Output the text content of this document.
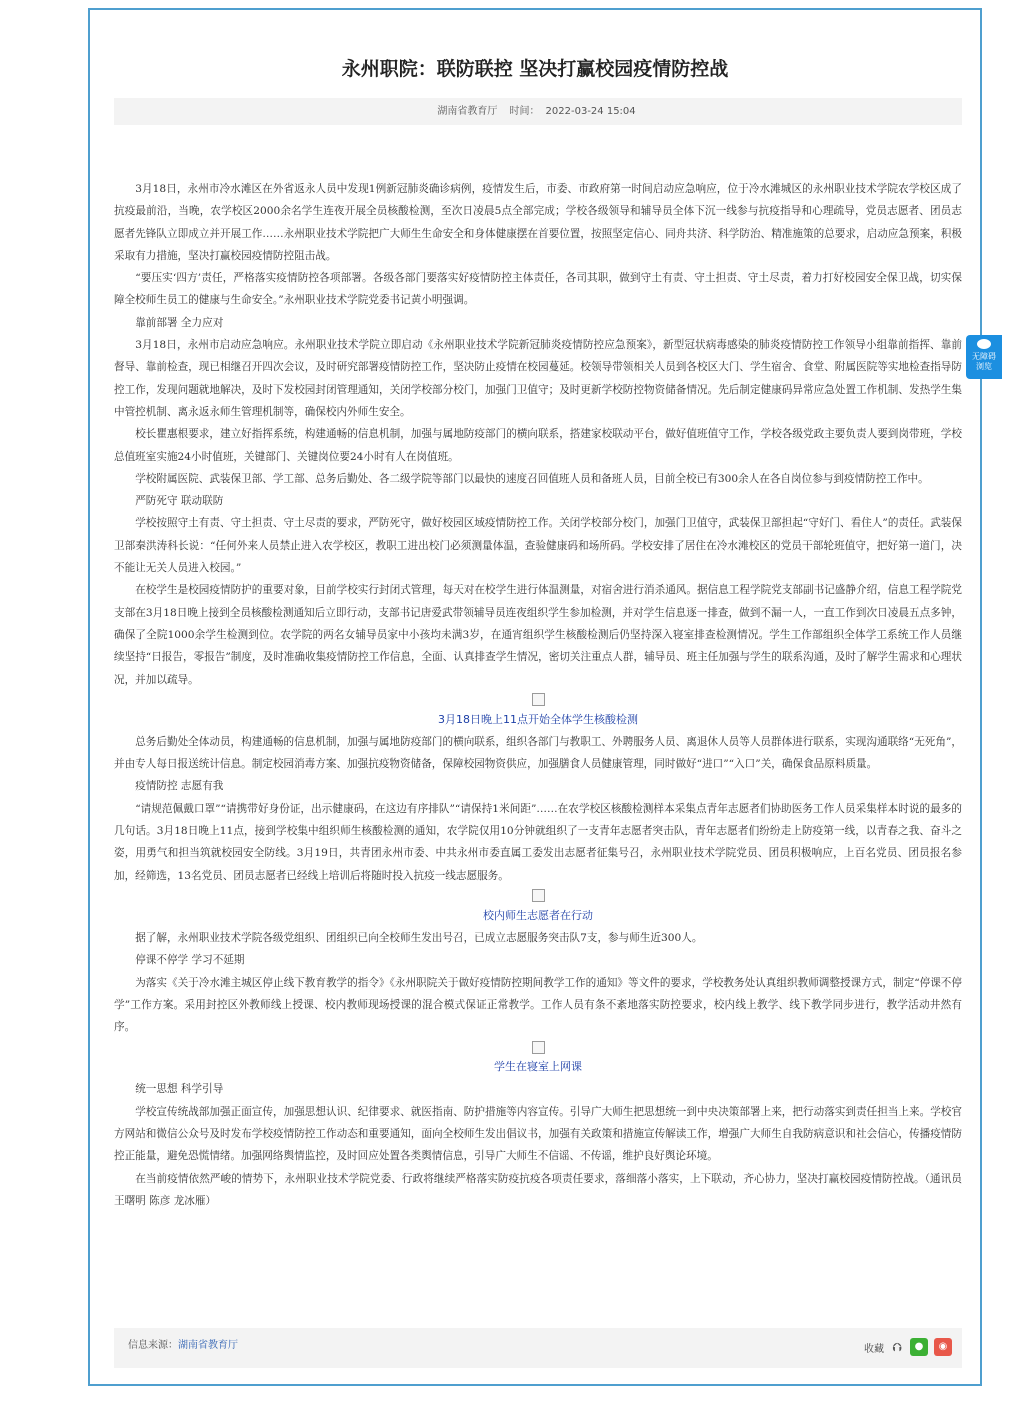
永州职院：联防联控 坚决打赢校园疫情防控战
湖南省教育厅 时间： 2022-03-24 15:04

3月18日，永州市冷水滩区在外省返永人员中发现1例新冠肺炎确诊病例，疫情发生后，市委、市政府第一时间启动应急响应，位于冷水滩城区的永州职业技术学院农学校区成了抗疫最前沿，当晚，农学校区2000余名学生连夜开展全员核酸检测，至次日凌晨5点全部完成；学校各级领导和辅导员全体下沉一线参与抗疫指导和心理疏导，党员志愿者、团员志愿者先锋队立即成立并开展工作……永州职业技术学院把广大师生生命安全和身体健康摆在首要位置，按照坚定信心、同舟共济、科学防治、精准施策的总要求，启动应急预案，积极采取有力措施，坚决打赢校园疫情防控阻击战。

“要压实‘四方’责任，严格落实疫情防控各项部署。各级各部门要落实好疫情防控主体责任，各司其职，做到守土有责、守土担责、守土尽责，着力打好校园安全保卫战，切实保障全校师生员工的健康与生命安全。”永州职业技术学院党委书记黄小明强调。

靠前部署 全力应对

3月18日，永州市启动应急响应。永州职业技术学院立即启动《永州职业技术学院新冠肺炎疫情防控应急预案》，新型冠状病毒感染的肺炎疫情防控工作领导小组靠前指挥、靠前督导、靠前检查，现已相继召开四次会议，及时研究部署疫情防控工作，坚决防止疫情在校园蔓延。校领导带领相关人员到各校区大门、学生宿舍、食堂、附属医院等实地检查指导防控工作，发现问题就地解决，及时下发校园封闭管理通知，关闭学校部分校门，加强门卫值守；及时更新学校防控物资储备情况。先后制定健康码异常应急处置工作机制、发热学生集中管控机制、离永返永师生管理机制等，确保校内外师生安全。

校长瞿惠根要求，建立好指挥系统，构建通畅的信息机制，加强与属地防疫部门的横向联系，搭建家校联动平台，做好值班值守工作，学校各级党政主要负责人要到岗带班，学校总值班室实施24小时值班，关键部门、关键岗位要24小时有人在岗值班。

学校附属医院、武装保卫部、学工部、总务后勤处、各二级学院等部门以最快的速度召回值班人员和备班人员，目前全校已有300余人在各自岗位参与到疫情防控工作中。

严防死守 联动联防

学校按照守土有责、守土担责、守土尽责的要求，严防死守，做好校园区域疫情防控工作。关闭学校部分校门，加强门卫值守，武装保卫部担起“守好门、看住人”的责任。武装保卫部秦洪涛科长说：“任何外来人员禁止进入农学校区，教职工进出校门必须测量体温，查验健康码和场所码。学校安排了居住在冷水滩校区的党员干部轮班值守，把好第一道门，决不能让无关人员进入校园。”

在校学生是校园疫情防护的重要对象，目前学校实行封闭式管理，每天对在校学生进行体温测量，对宿舍进行消杀通风。据信息工程学院党支部副书记盛静介绍，信息工程学院党支部在3月18日晚上接到全员核酸检测通知后立即行动，支部书记唐爱武带领辅导员连夜组织学生参加检测，并对学生信息逐一排查，做到不漏一人，一直工作到次日凌晨五点多钟，确保了全院1000余学生检测到位。农学院的两名女辅导员家中小孩均未满3岁，在通宵组织学生核酸检测后仍坚持深入寝室排查检测情况。学生工作部组织全体学工系统工作人员继续坚持“日报告，零报告”制度，及时准确收集疫情防控工作信息，全面、认真排查学生情况，密切关注重点人群，辅导员、班主任加强与学生的联系沟通，及时了解学生需求和心理状况，并加以疏导。

3月18日晚上11点开始全体学生核酸检测

总务后勤处全体动员，构建通畅的信息机制，加强与属地防疫部门的横向联系，组织各部门与教职工、外聘服务人员、离退休人员等人员群体进行联系，实现沟通联络“无死角”，并由专人每日报送统计信息。制定校园消毒方案、加强抗疫物资储备，保障校园物资供应，加强膳食人员健康管理，同时做好“进口”“入口”关，确保食品原料质量。

疫情防控 志愿有我

“请规范佩戴口罩”“请携带好身份证，出示健康码，在这边有序排队”“请保持1米间距”……在农学校区核酸检测样本采集点青年志愿者们协助医务工作人员采集样本时说的最多的几句话。3月18日晚上11点，接到学校集中组织师生核酸检测的通知，农学院仅用10分钟就组织了一支青年志愿者突击队，青年志愿者们纷纷走上防疫第一线，以青春之我、奋斗之姿，用勇气和担当筑就校园安全防线。3月19日，共青团永州市委、中共永州市委直属工委发出志愿者征集号召，永州职业技术学院党员、团员积极响应，上百名党员、团员报名参加，经筛选，13名党员、团员志愿者已经线上培训后将随时投入抗疫一线志愿服务。

校内师生志愿者在行动

据了解，永州职业技术学院各级党组织、团组织已向全校师生发出号召，已成立志愿服务突击队7支，参与师生近300人。

停课不停学 学习不延期

为落实《关于冷水滩主城区停止线下教育教学的指令》《永州职院关于做好疫情防控期间教学工作的通知》等文件的要求，学校教务处认真组织教师调整授课方式，制定“停课不停学”工作方案。采用封控区外教师线上授课、校内教师现场授课的混合模式保证正常教学。工作人员有条不紊地落实防控要求，校内线上教学、线下教学同步进行，教学活动井然有序。

学生在寝室上网课

统一思想 科学引导

学校宣传统战部加强正面宣传，加强思想认识、纪律要求、就医指南、防护措施等内容宣传。引导广大师生把思想统一到中央决策部署上来，把行动落实到责任担当上来。学校官方网站和微信公众号及时发布学校疫情防控工作动态和重要通知，面向全校师生发出倡议书，加强有关政策和措施宣传解读工作，增强广大师生自我防病意识和社会信心，传播疫情防控正能量，避免恐慌情绪。加强网络舆情监控，及时回应处置各类舆情信息，引导广大师生不信谣、不传谣，维护良好舆论环境。

在当前疫情依然严峻的情势下，永州职业技术学院党委、行政将继续严格落实防疫抗疫各项责任要求，落细落小落实，上下联动，齐心协力，坚决打赢校园疫情防控战。（通讯员 王曙明 陈彦 龙冰雁）

信息来源：湖南省教育厅	收藏 ⮉	●	◉
无障碍
浏览
